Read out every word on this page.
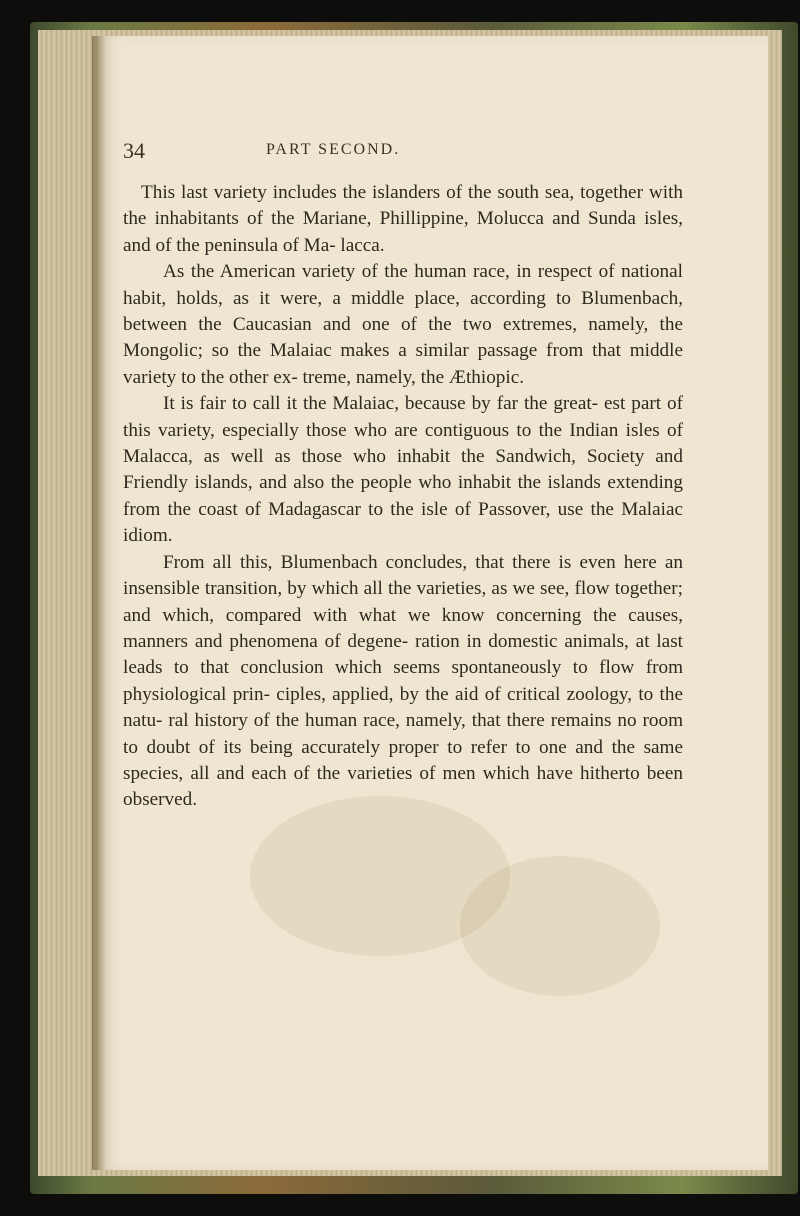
34	PART SECOND.

This last variety includes the islanders of the south sea, together with the inhabitants of the Mariane, Phillippine, Molucca and Sunda isles, and of the peninsula of Ma- lacca.

As the American variety of the human race, in respect of national habit, holds, as it were, a middle place, according to Blumenbach, between the Caucasian and one of the two extremes, namely, the Mongolic; so the Malaiac makes a similar passage from that middle variety to the other ex- treme, namely, the Æthiopic.

It is fair to call it the Malaiac, because by far the great- est part of this variety, especially those who are contiguous to the Indian isles of Malacca, as well as those who inhabit the Sandwich, Society and Friendly islands, and also the people who inhabit the islands extending from the coast of Madagascar to the isle of Passover, use the Malaiac idiom.

From all this, Blumenbach concludes, that there is even here an insensible transition, by which all the varieties, as we see, flow together; and which, compared with what we know concerning the causes, manners and phenomena of degene- ration in domestic animals, at last leads to that conclusion which seems spontaneously to flow from physiological prin- ciples, applied, by the aid of critical zoology, to the natu- ral history of the human race, namely, that there remains no room to doubt of its being accurately proper to refer to one and the same species, all and each of the varieties of men which have hitherto been observed.
